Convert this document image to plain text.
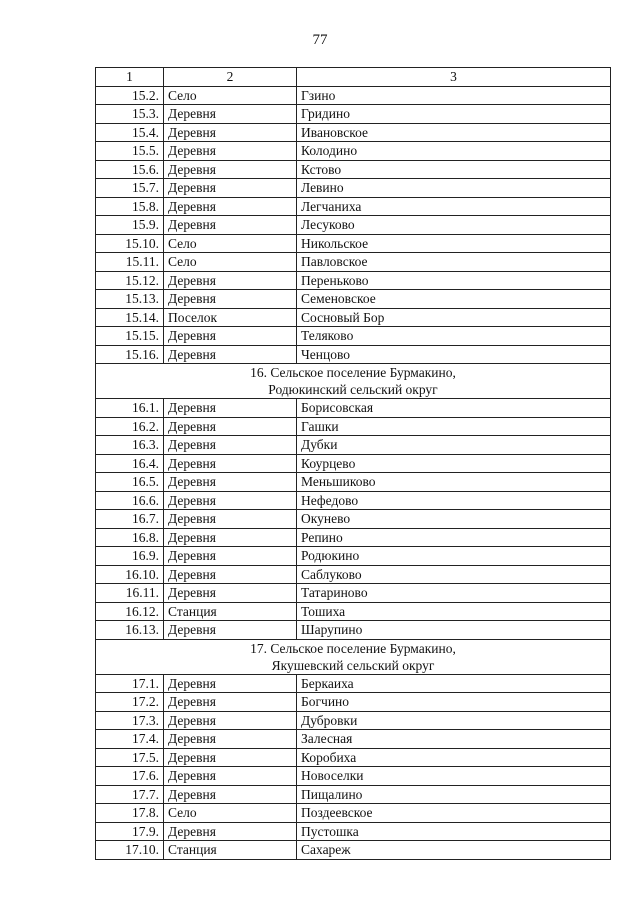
77
1	2	3
15.2.	Село	Гзино
15.3.	Деревня	Гридино
15.4.	Деревня	Ивановское
15.5.	Деревня	Колодино
15.6.	Деревня	Кстово
15.7.	Деревня	Левино
15.8.	Деревня	Легчаниха
15.9.	Деревня	Лесуково
15.10.	Село	Никольское
15.11.	Село	Павловское
15.12.	Деревня	Переньково
15.13.	Деревня	Семеновское
15.14.	Поселок	Сосновый Бор
15.15.	Деревня	Теляково
15.16.	Деревня	Ченцово

16. Сельское поселение Бурмакино,
Родюкинский сельский округ		

16.1.	Деревня	Борисовская
16.2.	Деревня	Гашки
16.3.	Деревня	Дубки
16.4.	Деревня	Коурцево
16.5.	Деревня	Меньшиково
16.6.	Деревня	Нефедово
16.7.	Деревня	Окунево
16.8.	Деревня	Репино
16.9.	Деревня	Родюкино
16.10.	Деревня	Саблуково
16.11.	Деревня	Татариново
16.12.	Станция	Тошиха
16.13.	Деревня	Шарупино

17. Сельское поселение Бурмакино,
Якушевский сельский округ		

17.1.	Деревня	Беркаиха
17.2.	Деревня	Богчино
17.3.	Деревня	Дубровки
17.4.	Деревня	Залесная
17.5.	Деревня	Коробиха
17.6.	Деревня	Новоселки
17.7.	Деревня	Пищалино
17.8.	Село	Поздеевское
17.9.	Деревня	Пустошка
17.10.	Станция	Сахареж
